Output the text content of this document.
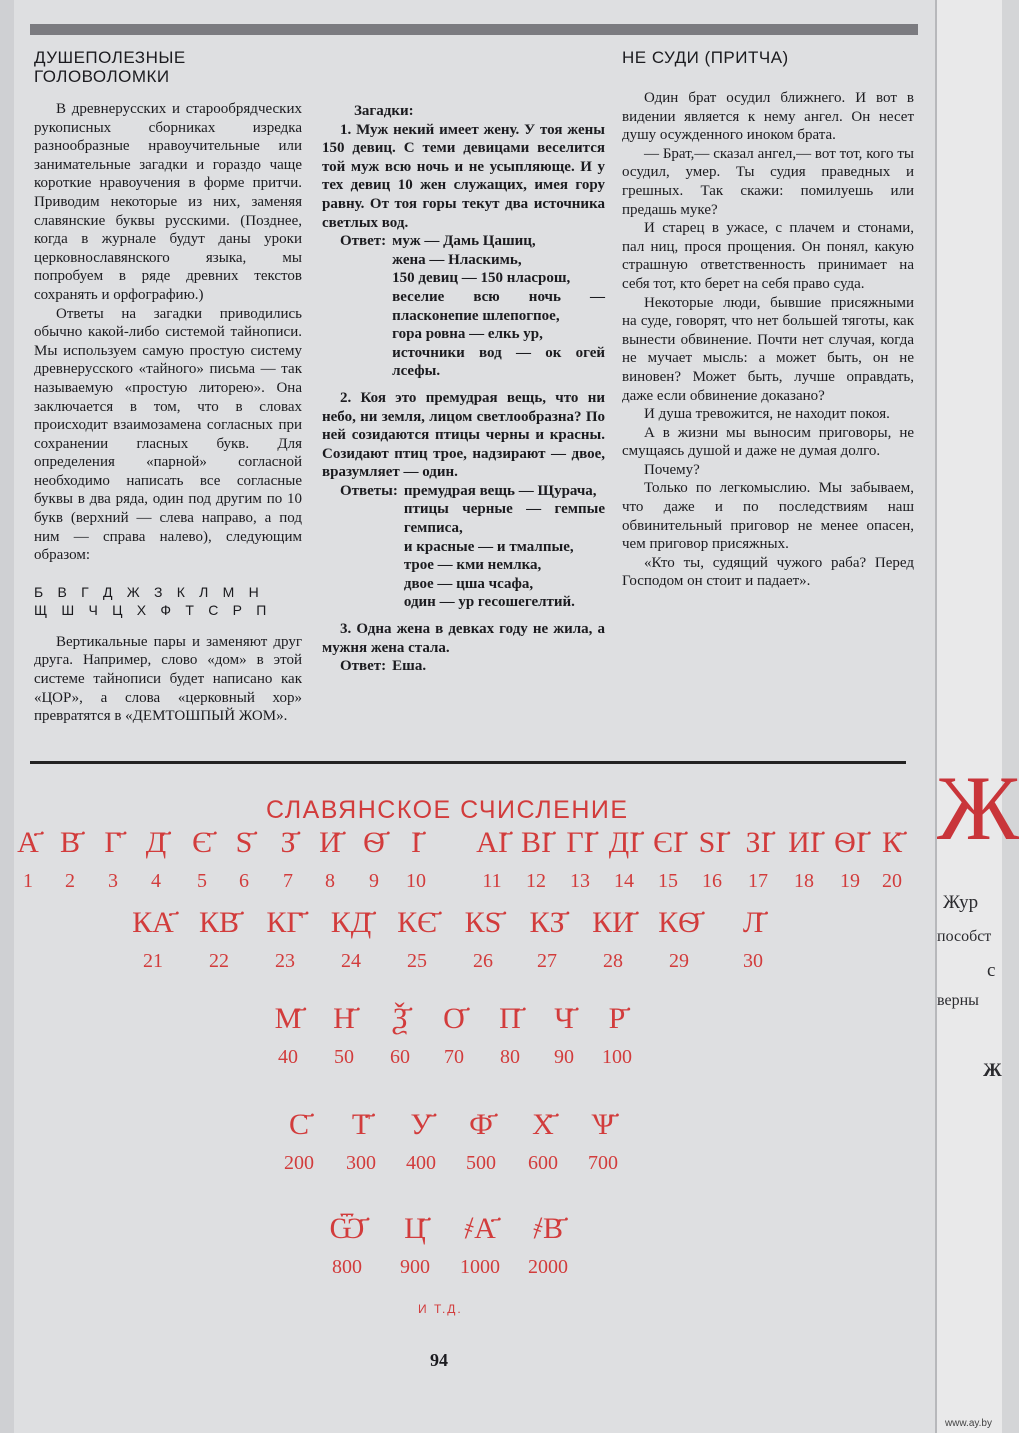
ДУШЕПОЛЕЗНЫЕ
ГОЛОВОЛОМКИ

В древнерусских и старообрядческих рукописных сборниках изредка разнообразные нравоучительные или занимательные загадки и гораздо чаще короткие нравоучения в форме притчи. Приводим некоторые из них, заменяя славянские буквы русскими. (Позднее, когда в журнале будут даны уроки церковнославянского языка, мы попробуем в ряде древних текстов сохранять и орфографию.)

Ответы на загадки приводились обычно какой-либо системой тайнописи. Мы используем самую простую систему древнерусского «тайного» письма — так называемую «простую литорею». Она заключается в том, что в словах происходит взаимозамена согласных при сохранении гласных букв. Для определения «парной» согласной необходимо написать все согласные буквы в два ряда, один под другим по 10 букв (верхний — слева направо, а под ним — справа налево), следующим образом:

Б В Г Д Ж З К Л М Н
Щ Ш Ч Ц Х Ф Т С Р П

Вертикальные пары и заменяют друг друга. Например, слово «дом» в этой системе тайнописи будет написано как «ЦОР», а слова «церковный хор» превратятся в «ДЕМТОШПЫЙ ЖОМ».

Загадки:

1. Муж некий имеет жену. У тоя жены 150 девиц. С теми девицами веселится той муж всю ночь и не усыпляюще. И у тех девиц 10 жен служащих, имея гору равну. От тоя горы текут два источника светлых вод.

Ответ: муж — Дамь Цашиц,
жена — Нласкимь,
150 девиц — 150 нласрош,
веселие всю ночь — пласконепие шлепогпое,
гора ровна — елкь ур,
источники вод — ок огей лсефы.

2. Коя это премудрая вещь, что ни небо, ни земля, лицом светлообразна? По ней созидаются птицы черны и красны. Созидают птиц трое, надзирают — двое, вразумляет — один.

Ответы: премудрая вещь — Щурача,
птицы черные — гемпые гемписа,
и красные — и тмалпые,
трое — кми немлка,
двое — цша чсафа,
один — ур гесошегелтий.

3. Одна жена в девках году не жила, а мужня жена стала.

Ответ: Еша.
НЕ СУДИ (ПРИТЧА)

Один брат осудил ближнего. И вот в видении является к нему ангел. Он несет душу осужденного иноком брата.

— Брат,— сказал ангел,— вот тот, кого ты осудил, умер. Ты судия праведных и грешных. Так скажи: помилуешь или предашь муке?

И старец в ужасе, с плачем и стонами, пал ниц, прося прощения. Он понял, какую страшную ответственность принимает на себя тот, кто берет на себя право суда.

Некоторые люди, бывшие присяжными на суде, говорят, что нет большей тяготы, как вынести обвинение. Почти нет случая, когда не мучает мысль: а может быть, он не виновен? Может быть, лучше оправдать, даже если обвинение доказано?

И душа тревожится, не находит покоя.

А в жизни мы выносим приговоры, не смущаясь душой и даже не думая долго.

Почему?

Только по легкомыслию. Мы забываем, что даже и по последствиям наш обвинительный приговор не менее опасен, чем приговор присяжных.

«Кто ты, судящий чужого раба? Перед Господом он стоит и падает».

СЛАВЯНСКОЕ СЧИСЛЕНИЕ
А҃
1
В҃
2
Г҃
3
Д҃
4
Є҃
5
Ѕ҃
6
З҃
7
И҃
8
Ѳ҃
9
І҃
10
АІ҃
11
ВІ҃
12
ГІ҃
13
ДІ҃
14
ЄІ҃
15
ЅІ҃
16
ЗІ҃
17
ИІ҃
18
ѲІ҃
19
К҃
20
КА҃
21
КВ҃
22
КГ҃
23
КД҃
24
КЄ҃
25
КЅ҃
26
КЗ҃
27
КИ҃
28
КѲ҃
29
Л҃
30
М҃
40
Н҃
50
Ѯ҃
60
О҃
70
П҃
80
Ч҃
90
Р҃
100
С҃
200
Т҃
300
У҃
400
Ф҃
500
Х҃
600
Ѱ҃
700
Ѿ҃
800
Ц҃
900
҂А҃
1000
҂В҃
2000
И Т.Д.
94
Ж
Жур
пособст
с
верны
Ж
www.ay.by
